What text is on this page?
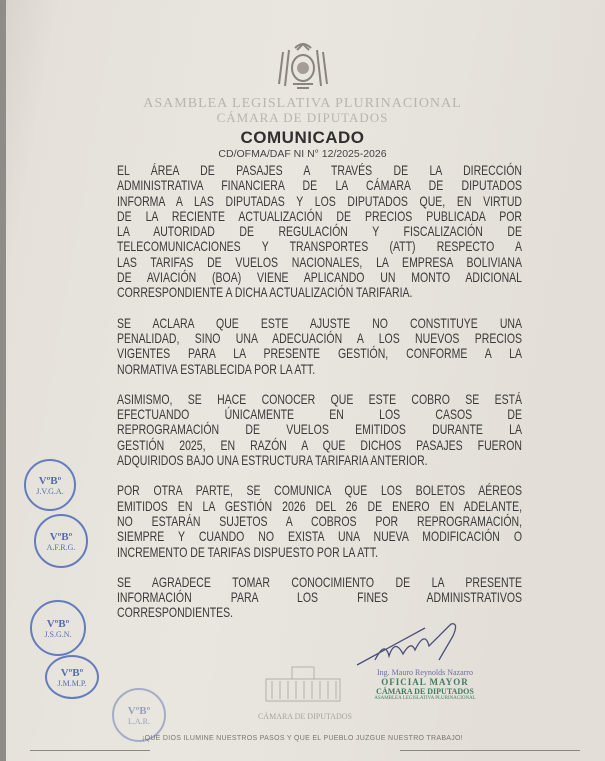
ASAMBLEA LEGISLATIVA PLURINACIONAL
CÁMARA DE DIPUTADOS
COMUNICADO
CD/OFMA/DAF NI N° 12/2025-2026
EL ÁREA DE PASAJES A TRAVÉS DE LA DIRECCIÓN
ADMINISTRATIVA FINANCIERA DE LA CÁMARA DE DIPUTADOS
INFORMA A LAS DIPUTADAS Y LOS DIPUTADOS QUE, EN VIRTUD
DE LA RECIENTE ACTUALIZACIÓN DE PRECIOS PUBLICADA POR
LA AUTORIDAD DE REGULACIÓN Y FISCALIZACIÓN DE
TELECOMUNICACIONES Y TRANSPORTES (ATT) RESPECTO A
LAS TARIFAS DE VUELOS NACIONALES, LA EMPRESA BOLIVIANA
DE AVIACIÓN (BOA) VIENE APLICANDO UN MONTO ADICIONAL
CORRESPONDIENTE A DICHA ACTUALIZACIÓN TARIFARIA.
SE ACLARA QUE ESTE AJUSTE NO CONSTITUYE UNA
PENALIDAD, SINO UNA ADECUACIÓN A LOS NUEVOS PRECIOS
VIGENTES PARA LA PRESENTE GESTIÓN, CONFORME A LA
NORMATIVA ESTABLECIDA POR LA ATT.
ASIMISMO, SE HACE CONOCER QUE ESTE COBRO SE ESTÁ
EFECTUANDO ÚNICAMENTE EN LOS CASOS DE
REPROGRAMACIÓN DE VUELOS EMITIDOS DURANTE LA
GESTIÓN 2025, EN RAZÓN A QUE DICHOS PASAJES FUERON
ADQUIRIDOS BAJO UNA ESTRUCTURA TARIFARIA ANTERIOR.
POR OTRA PARTE, SE COMUNICA QUE LOS BOLETOS AÉREOS
EMITIDOS EN LA GESTIÓN 2026 DEL 26 DE ENERO EN ADELANTE,
NO ESTARÁN SUJETOS A COBROS POR REPROGRAMACIÓN,
SIEMPRE Y CUANDO NO EXISTA UNA NUEVA MODIFICACIÓN O
INCREMENTO DE TARIFAS DISPUESTO POR LA ATT.
SE AGRADECE TOMAR CONOCIMIENTO DE LA PRESENTE
INFORMACIÓN PARA LOS FINES ADMINISTRATIVOS
CORRESPONDIENTES.
VºBº
J.V.G.A.
VºBº
A.F.R.G.
VºBº
J.S.G.N.
VºBº
J.M.M.P.
VºBº
L.A.R.
Ing. Mauro Reynolds Nazarro
OFICIAL MAYOR
CÁMARA DE DIPUTADOS
ASAMBLEA LEGISLATIVA PLURINACIONAL
CÁMARA DE DIPUTADOS
¡QUE DIOS ILUMINE NUESTROS PASOS Y QUE EL PUEBLO JUZGUE NUESTRO TRABAJO!
